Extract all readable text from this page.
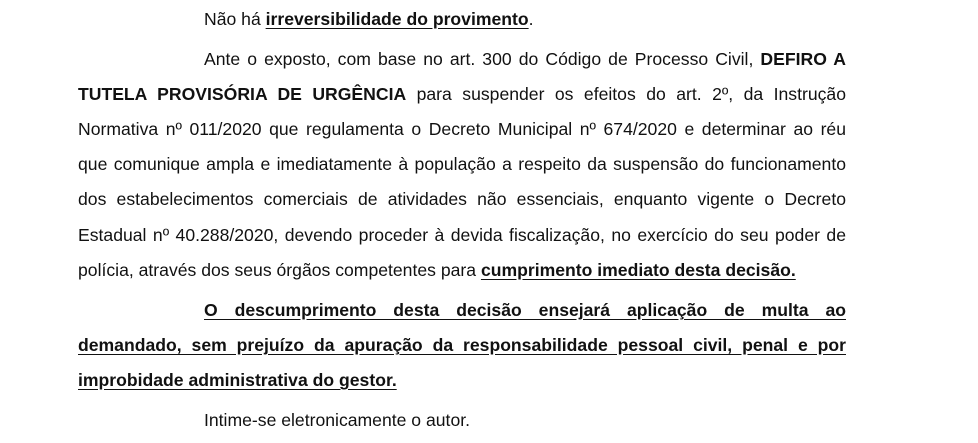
Não há irreversibilidade do provimento.
Ante o exposto, com base no art. 300 do Código de Processo Civil, DEFIRO A
TUTELA PROVISÓRIA DE URGÊNCIA para suspender os efeitos do art. 2º, da Instrução
Normativa nº 011/2020 que regulamenta o Decreto Municipal nº 674/2020 e determinar ao réu
que comunique ampla e imediatamente à população a respeito da suspensão do funcionamento
dos estabelecimentos comerciais de atividades não essenciais, enquanto vigente o Decreto
Estadual nº 40.288/2020, devendo proceder à devida fiscalização, no exercício do seu poder de
polícia, através dos seus órgãos competentes para cumprimento imediato desta decisão.
O descumprimento desta decisão ensejará aplicação de multa ao
demandado, sem prejuízo da apuração da responsabilidade pessoal civil, penal e por
improbidade administrativa do gestor.
Intime-se eletronicamente o autor.
